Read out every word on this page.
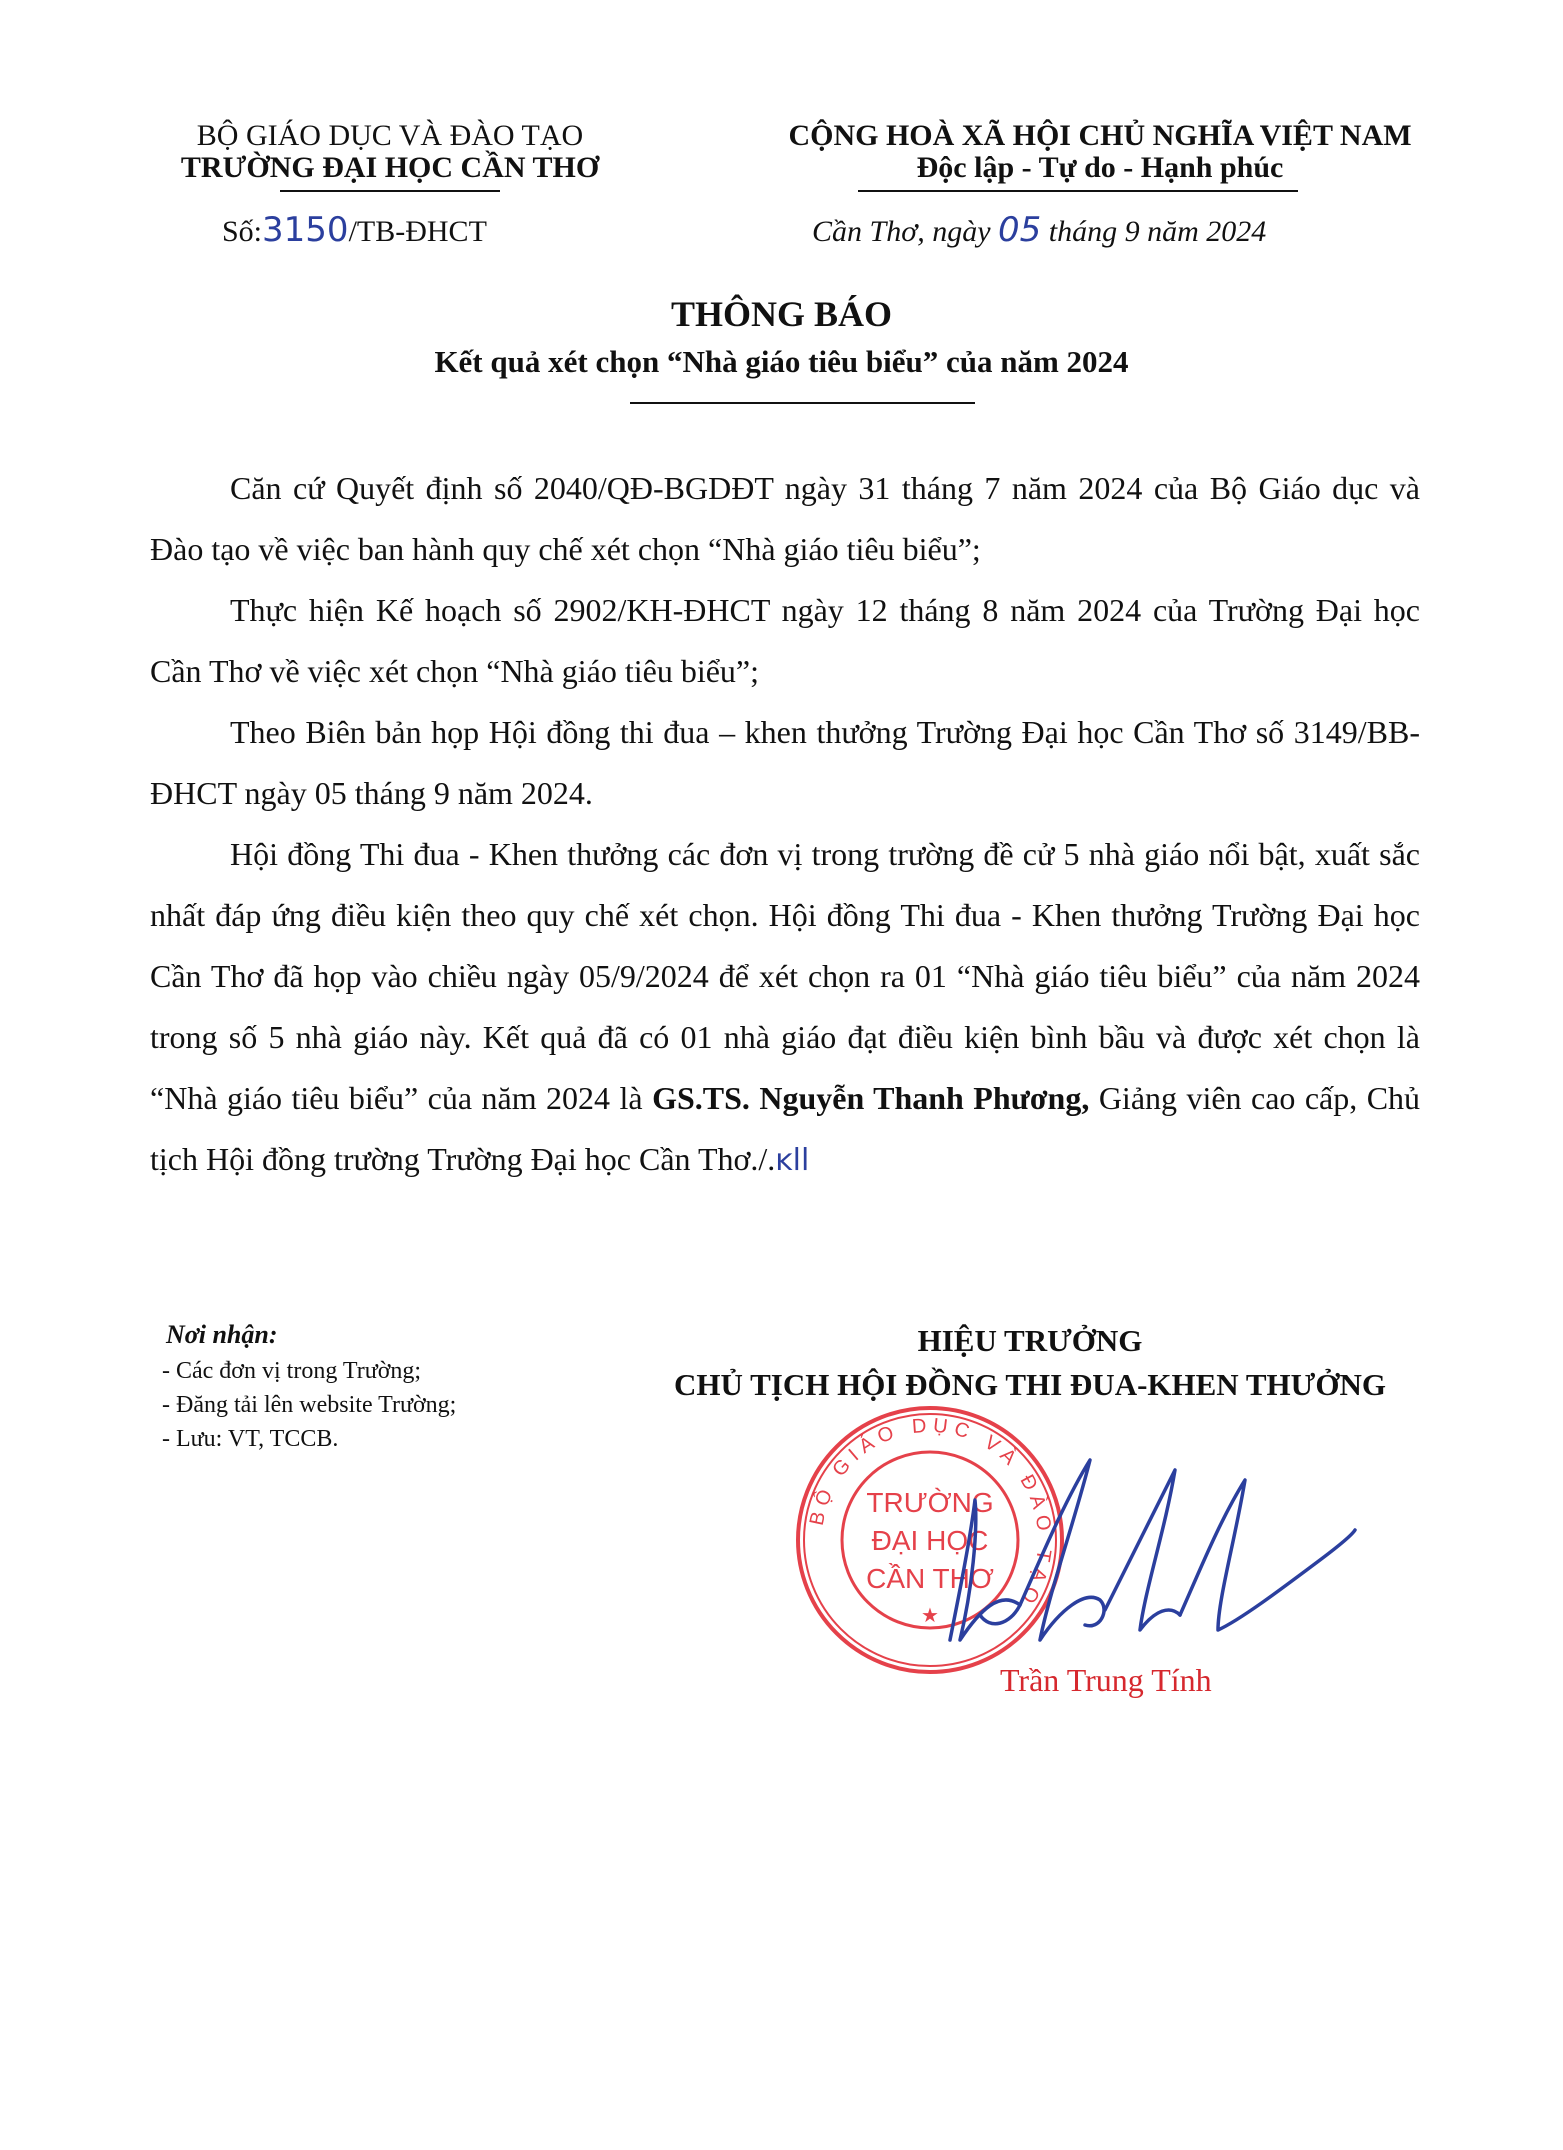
BỘ GIÁO DỤC VÀ ĐÀO TẠO
TRƯỜNG ĐẠI HỌC CẦN THƠ
Số:3150/TB-ĐHCT
CỘNG HOÀ XÃ HỘI CHỦ NGHĨA VIỆT NAM
Độc lập - Tự do - Hạnh phúc
Cần Thơ, ngày 05 tháng 9 năm 2024
THÔNG BÁO
Kết quả xét chọn “Nhà giáo tiêu biểu” của năm 2024
Căn cứ Quyết định số 2040/QĐ-BGDĐT ngày 31 tháng 7 năm 2024 của Bộ Giáo dục và Đào tạo về việc ban hành quy chế xét chọn “Nhà giáo tiêu biểu”;
Thực hiện Kế hoạch số 2902/KH-ĐHCT ngày 12 tháng 8 năm 2024 của Trường Đại học Cần Thơ về việc xét chọn “Nhà giáo tiêu biểu”;
Theo Biên bản họp Hội đồng thi đua – khen thưởng Trường Đại học Cần Thơ số 3149/BB-ĐHCT ngày 05 tháng 9 năm 2024.
Hội đồng Thi đua - Khen thưởng các đơn vị trong trường đề cử 5 nhà giáo nổi bật, xuất sắc nhất đáp ứng điều kiện theo quy chế xét chọn. Hội đồng Thi đua - Khen thưởng Trường Đại học Cần Thơ đã họp vào chiều ngày 05/9/2024 để xét chọn ra 01 “Nhà giáo tiêu biểu” của năm 2024 trong số 5 nhà giáo này. Kết quả đã có 01 nhà giáo đạt điều kiện bình bầu và được xét chọn là “Nhà giáo tiêu biểu” của năm 2024 là GS.TS. Nguyễn Thanh Phương, Giảng viên cao cấp, Chủ tịch Hội đồng trường Trường Đại học Cần Thơ./.ĸll
Nơi nhận:
- Các đơn vị trong Trường;
- Đăng tải lên website Trường;
- Lưu: VT, TCCB.
HIỆU TRƯỞNG
CHỦ TỊCH HỘI ĐỒNG THI ĐUA-KHEN THƯỞNG
BỘ GIÁO DỤC VÀ ĐÀO TẠO
TRƯỜNG
ĐẠI HỌC
CẦN THƠ
★
Trần Trung Tính
